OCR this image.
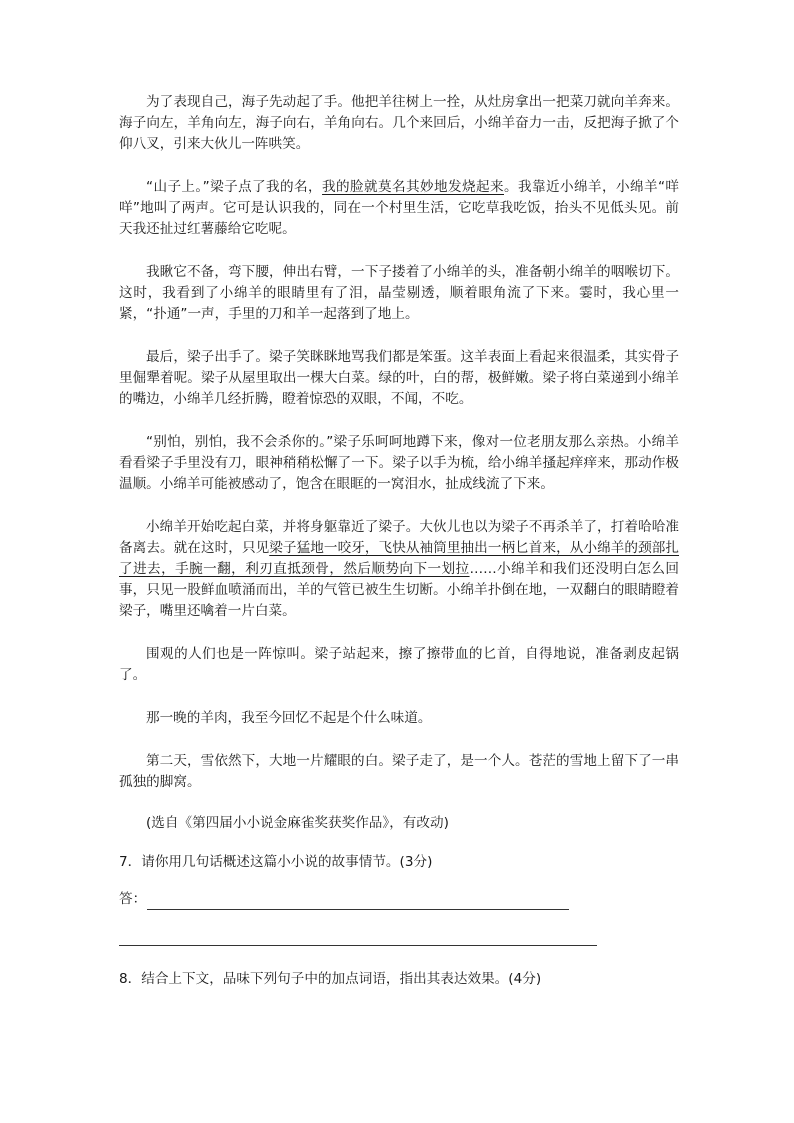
为了表现自己，海子先动起了手。他把羊往树上一拴，从灶房拿出一把菜刀就向羊奔来。海子向左，羊角向左，海子向右，羊角向右。几个来回后，小绵羊奋力一击，反把海子掀了个仰八叉，引来大伙儿一阵哄笑。

“山子上。”梁子点了我的名，我的脸就莫名其妙地发烧起来。我靠近小绵羊，小绵羊“咩咩”地叫了两声。它可是认识我的，同在一个村里生活，它吃草我吃饭，抬头不见低头见。前天我还扯过红薯藤给它吃呢。

我瞅它不备，弯下腰，伸出右臂，一下子搂着了小绵羊的头，准备朝小绵羊的咽喉切下。这时，我看到了小绵羊的眼睛里有了泪，晶莹剔透，顺着眼角流了下来。霎时，我心里一紧，“扑通”一声，手里的刀和羊一起落到了地上。

最后，梁子出手了。梁子笑眯眯地骂我们都是笨蛋。这羊表面上看起来很温柔，其实骨子里倔犟着呢。梁子从屋里取出一棵大白菜。绿的叶，白的帮，极鲜嫩。梁子将白菜递到小绵羊的嘴边，小绵羊几经折腾，瞪着惊恐的双眼，不闻，不吃。

“别怕，别怕，我不会杀你的。”梁子乐呵呵地蹲下来，像对一位老朋友那么亲热。小绵羊看看梁子手里没有刀，眼神稍稍松懈了一下。梁子以手为梳，给小绵羊搔起痒痒来，那动作极温顺。小绵羊可能被感动了，饱含在眼眶的一窝泪水，扯成线流了下来。

小绵羊开始吃起白菜，并将身躯靠近了梁子。大伙儿也以为梁子不再杀羊了，打着哈哈准备离去。就在这时，只见梁子猛地一咬牙，飞快从袖筒里抽出一柄匕首来，从小绵羊的颈部扎了进去，手腕一翻，利刃直抵颈骨，然后顺势向下一划拉……小绵羊和我们还没明白怎么回事，只见一股鲜血喷涌而出，羊的气管已被生生切断。小绵羊扑倒在地，一双翻白的眼睛瞪着梁子，嘴里还噙着一片白菜。

围观的人们也是一阵惊叫。梁子站起来，擦了擦带血的匕首，自得地说，准备剥皮起锅了。

那一晚的羊肉，我至今回忆不起是个什么味道。

第二天，雪依然下，大地一片耀眼的白。梁子走了，是一个人。苍茫的雪地上留下了一串孤独的脚窝。

(选自《第四届小小说金麻雀奖获奖作品》，有改动)

7．请你用几句话概述这篇小小说的故事情节。(3分)

答：

8．结合上下文，品味下列句子中的加点词语，指出其表达效果。(4分)
